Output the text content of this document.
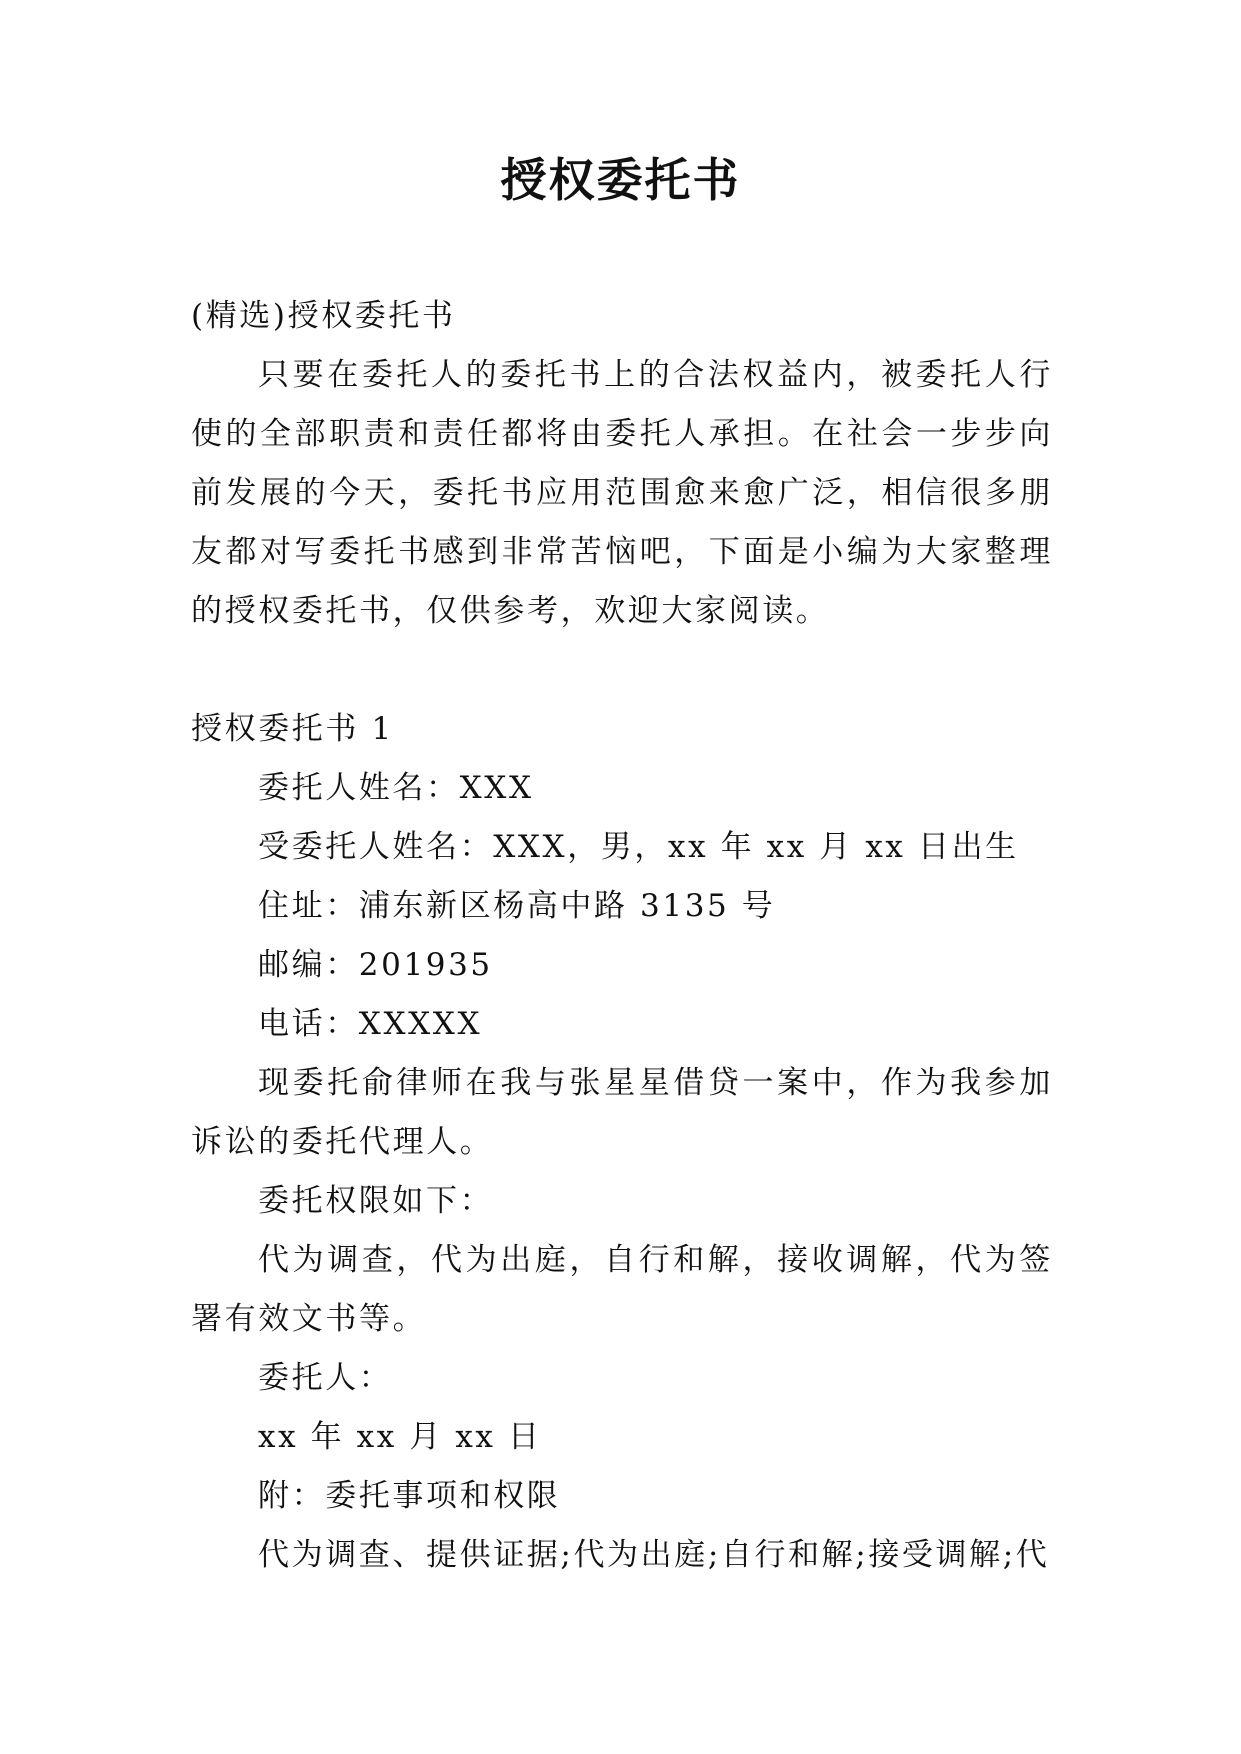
授权委托书

(精选)授权委托书

只要在委托人的委托书上的合法权益内，被委托人行使的全部职责和责任都将由委托人承担。在社会一步步向前发展的今天，委托书应用范围愈来愈广泛，相信很多朋友都对写委托书感到非常苦恼吧，下面是小编为大家整理的授权委托书，仅供参考，欢迎大家阅读。

授权委托书 1

委托人姓名：XXX

受委托人姓名：XXX，男，xx 年 xx 月 xx 日出生

住址：浦东新区杨高中路 3135 号

邮编：201935

电话：XXXXX

现委托俞律师在我与张星星借贷一案中，作为我参加诉讼的委托代理人。

委托权限如下：

代为调查，代为出庭，自行和解，接收调解，代为签署有效文书等。

委托人：

xx 年 xx 月 xx 日

附：委托事项和权限

代为调查、提供证据;代为出庭;自行和解;接受调解;代
